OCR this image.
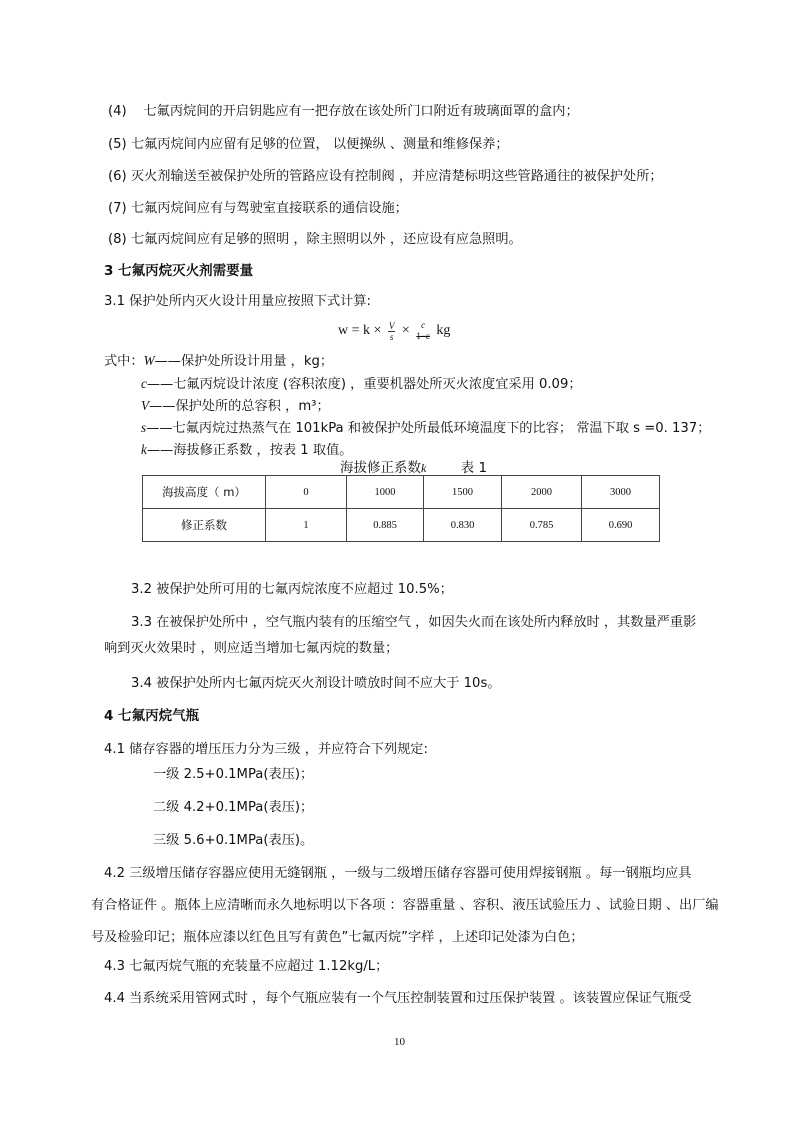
(4) 七氟丙烷间的开启钥匙应有一把存放在该处所门口附近有玻璃面罩的盒内；
(5) 七氟丙烷间内应留有足够的位置， 以便操纵 、测量和维修保养；
(6) 灭火剂输送至被保护处所的管路应设有控制阀 ，并应清楚标明这些管路通往的被保护处所；
(7) 七氟丙烷间应有与驾驶室直接联系的通信设施；
(8) 七氟丙烷间应有足够的照明 ，除主照明以外 ，还应设有应急照明。
3 七氟丙烷灭火剂需要量
3.1 保护处所内灭火设计用量应按照下式计算:
$w = k \times \frac{V}{s} \times c$
1−c kg
式中：W——保护处所设计用量 ，kg；
c——七氟丙烷设计浓度 (容积浓度) ，重要机器处所灭火浓度宜采用 0.09；
V——保护处所的总容积 ，m³；
s——七氟丙烷过热蒸气在 101kPa 和被保护处所最低环境温度下的比容； 常温下取 s =0. 137；
k——海拔修正系数 ，按表 1 取值。
海拔修正系数k	表 1
海拔高度（ m）	0	1000	1500	2000	3000
修正系数	1	0.885	0.830	0.785	0.690
3.2 被保护处所可用的七氟丙烷浓度不应超过 10.5%；
3.3 在被保护处所中 ，空气瓶内装有的压缩空气 ，如因失火而在该处所内释放时 ，其数量严重影
响到灭火效果时 ，则应适当增加七氟丙烷的数量；
3.4 被保护处所内七氟丙烷灭火剂设计喷放时间不应大于 10s。
4 七氟丙烷气瓶
4.1 储存容器的增压压力分为三级 ，并应符合下列规定:
一级 2.5+0.1MPa(表压)；
二级 4.2+0.1MPa(表压)；
三级 5.6+0.1MPa(表压)。
4.2 三级增压储存容器应使用无缝钢瓶 ，一级与二级增压储存容器可使用焊接钢瓶 。每一钢瓶均应具
有合格证件 。瓶体上应清晰而永久地标明以下各项 ：容器重量 、容积、液压试验压力 、试验日期 、出厂编
号及检验印记；瓶体应漆以红色且写有黄色”七氟丙烷”字样 ，上述印记处漆为白色；
4.3 七氟丙烷气瓶的充装量不应超过 1.12kg/L；
4.4 当系统采用管网式时 ，每个气瓶应装有一个气压控制装置和过压保护装置 。该装置应保证气瓶受
10
